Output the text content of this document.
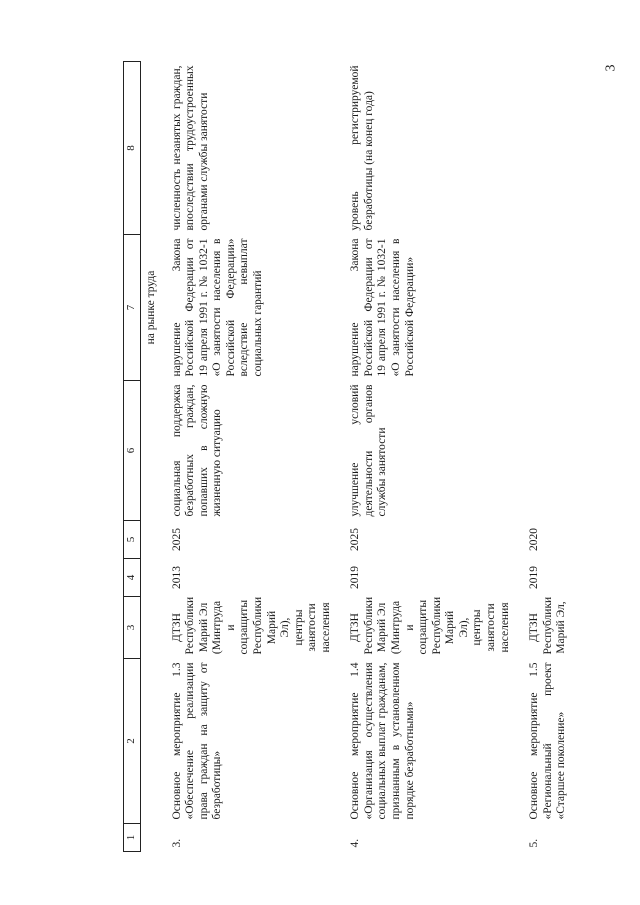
3
1	2	3	4	5	6	7	8
						на рынке труда	
3.	Основное мероприятие 1.3 «Обеспечение реализации права граждан на защиту от безработицы»	ДТЗН Республики Марий Эл (Минтруда и соцзащиты Республики Марий Эл), центры занятости населения	2013	2025	социальная поддержка безработных граждан, попавших в сложную жизненную ситуацию	нарушение Закона Российской Федерации от 19 апреля 1991 г. № 1032-1 «О занятости населения в Российской Федерации» вследствие невыплат социальных гарантий	численность незанятых граждан, впоследствии трудоустроенных органами службы занятости
4.	Основное мероприятие 1.4 «Организация осуществления социальных выплат гражданам, признанным в установленном порядке безработными»	ДТЗН Республики Марий Эл (Минтруда и соцзащиты Республики Марий Эл), центры занятости населения	2019	2025	улучшение условий деятельности органов службы занятости	нарушение Закона Российской Федерации от 19 апреля 1991 г. № 1032-1 «О занятости населения в Российской Федерации»	уровень регистрируемой безработицы (на конец года)
5.	Основное мероприятие 1.5 «Региональный проект «Старшее поколение»	ДТЗН Республики Марий Эл,	2019	2020			
